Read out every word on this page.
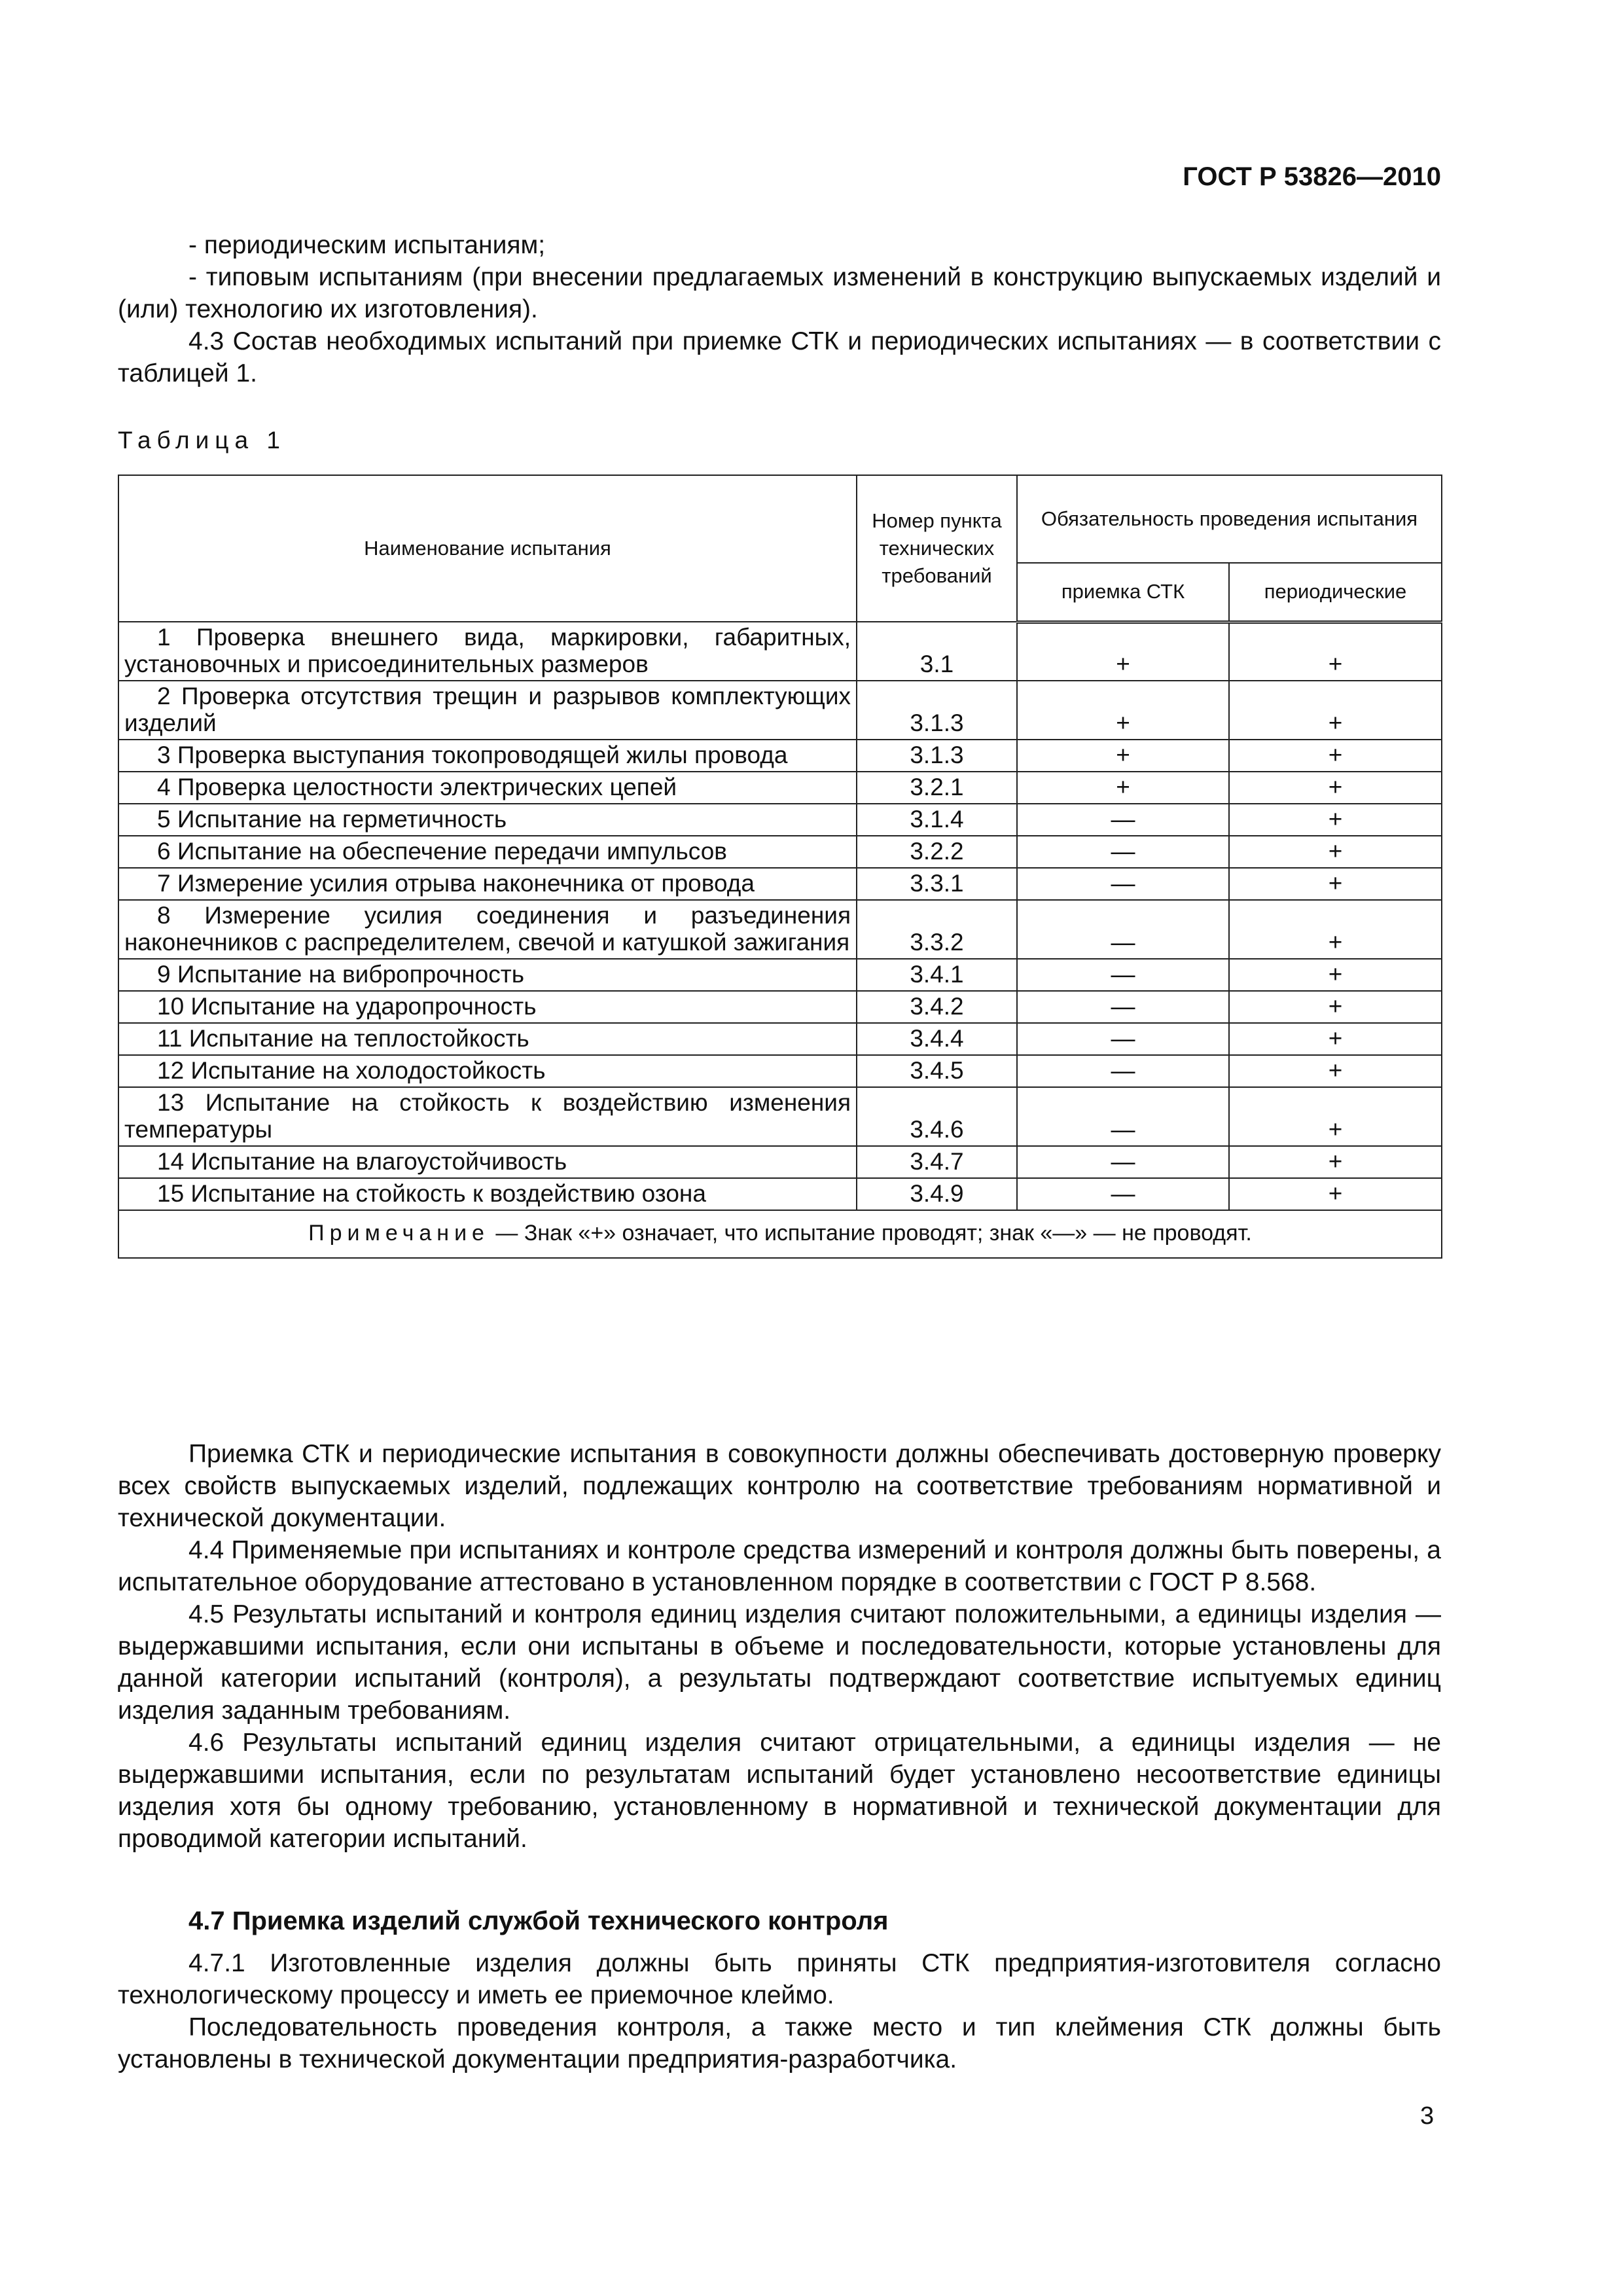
ГОСТ Р 53826—2010

- периодическим испытаниям;

- типовым испытаниям (при внесении предлагаемых изменений в конструкцию выпускаемых изделий и (или) технологию их изготовления).

4.3 Состав необходимых испытаний при приемке СТК и периодических испытаниях — в соответствии с таблицей 1.

Таблица 1
Наименование испытания	Номер пункта технических требований	Обязательность проведения испытания	
		приемка СТК	периодические
1 Проверка внешнего вида, маркировки, габаритных, установочных и присоединительных размеров	3.1	+	+
2 Проверка отсутствия трещин и разрывов комплектующих изделий	3.1.3	+	+
3 Проверка выступания токопроводящей жилы провода	3.1.3	+	+
4 Проверка целостности электрических цепей	3.2.1	+	+
5 Испытание на герметичность	3.1.4	—	+
6 Испытание на обеспечение передачи импульсов	3.2.2	—	+
7 Измерение усилия отрыва наконечника от провода	3.3.1	—	+
8 Измерение усилия соединения и разъединения наконечников с распределителем, свечой и катушкой зажигания	3.3.2	—	+
9 Испытание на вибропрочность	3.4.1	—	+
10 Испытание на ударопрочность	3.4.2	—	+
11 Испытание на теплостойкость	3.4.4	—	+
12 Испытание на холодостойкость	3.4.5	—	+
13 Испытание на стойкость к воздействию изменения температуры	3.4.6	—	+
14 Испытание на влагоустойчивость	3.4.7	—	+
15 Испытание на стойкость к воздействию озона	3.4.9	—	+
Примечание — Знак «+» означает, что испытание проводят; знак «—» — не проводят.			

Приемка СТК и периодические испытания в совокупности должны обеспечивать достоверную проверку всех свойств выпускаемых изделий, подлежащих контролю на соответствие требованиям нормативной и технической документации.

4.4 Применяемые при испытаниях и контроле средства измерений и контроля должны быть поверены, а испытательное оборудование аттестовано в установленном порядке в соответствии с ГОСТ Р 8.568.

4.5 Результаты испытаний и контроля единиц изделия считают положительными, а единицы изделия — выдержавшими испытания, если они испытаны в объеме и последовательности, которые установлены для данной категории испытаний (контроля), а результаты подтверждают соответствие испытуемых единиц изделия заданным требованиям.

4.6 Результаты испытаний единиц изделия считают отрицательными, а единицы изделия — не выдержавшими испытания, если по результатам испытаний будет установлено несоответствие единицы изделия хотя бы одному требованию, установленному в нормативной и технической документации для проводимой категории испытаний.

4.7 Приемка изделий службой технического контроля

4.7.1 Изготовленные изделия должны быть приняты СТК предприятия-изготовителя согласно технологическому процессу и иметь ее приемочное клеймо.

Последовательность проведения контроля, а также место и тип клеймения СТК должны быть установлены в технической документации предприятия-разработчика.

3
